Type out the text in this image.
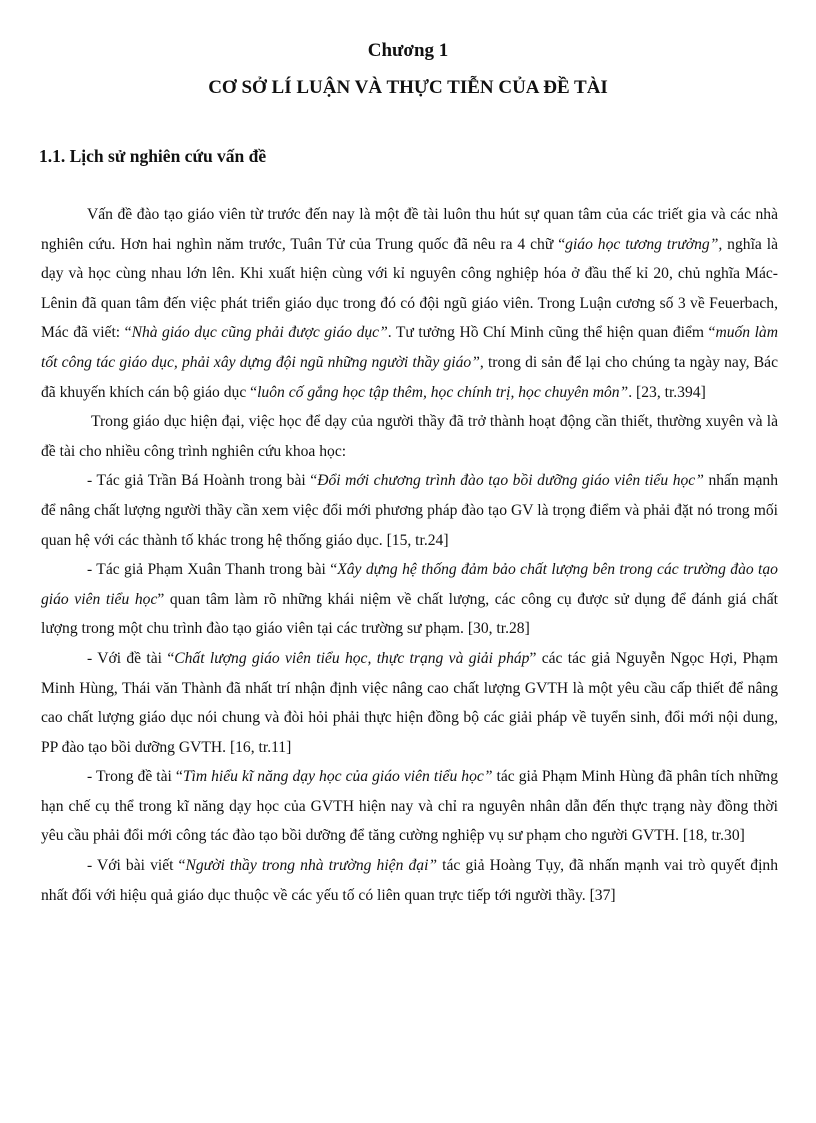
Chương 1
CƠ SỞ LÍ LUẬN VÀ THỰC TIỄN CỦA ĐỀ TÀI
1.1. Lịch sử nghiên cứu vấn đề

Vấn đề đào tạo giáo viên từ trước đến nay là một đề tài luôn thu hút sự quan tâm của các triết gia và các nhà nghiên cứu. Hơn hai nghìn năm trước, Tuân Tử của Trung quốc đã nêu ra 4 chữ “giáo học tương trưởng”, nghĩa là dạy và học cùng nhau lớn lên. Khi xuất hiện cùng với kỉ nguyên công nghiệp hóa ở đầu thế kỉ 20, chủ nghĩa Mác-Lênin đã quan tâm đến việc phát triển giáo dục trong đó có đội ngũ giáo viên. Trong Luận cương số 3 về Feuerbach, Mác đã viết: “Nhà giáo dục cũng phải được giáo dục”. Tư tưởng Hồ Chí Minh cũng thể hiện quan điểm “muốn làm tốt công tác giáo dục, phải xây dựng đội ngũ những người thầy giáo”, trong di sản để lại cho chúng ta ngày nay, Bác đã khuyến khích cán bộ giáo dục “luôn cố gắng học tập thêm, học chính trị, học chuyên môn”. [23, tr.394]

Trong giáo dục hiện đại, việc học để dạy của người thầy đã trở thành hoạt động cần thiết, thường xuyên và là đề tài cho nhiều công trình nghiên cứu khoa học:

- Tác giả Trần Bá Hoành trong bài “Đổi mới chương trình đào tạo bồi dưỡng giáo viên tiểu học” nhấn mạnh để nâng chất lượng người thầy cần xem việc đổi mới phương pháp đào tạo GV là trọng điểm và phải đặt nó trong mối quan hệ với các thành tố khác trong hệ thống giáo dục. [15, tr.24]

- Tác giả Phạm Xuân Thanh trong bài “Xây dựng hệ thống đảm bảo chất lượng bên trong các trường đào tạo giáo viên tiểu học” quan tâm làm rõ những khái niệm về chất lượng, các công cụ được sử dụng để đánh giá chất lượng trong một chu trình đào tạo giáo viên tại các trường sư phạm. [30, tr.28]

- Với đề tài “Chất lượng giáo viên tiểu học, thực trạng và giải pháp” các tác giả Nguyễn Ngọc Hợi, Phạm Minh Hùng, Thái văn Thành đã nhất trí nhận định việc nâng cao chất lượng GVTH là một yêu cầu cấp thiết để nâng cao chất lượng giáo dục nói chung và đòi hỏi phải thực hiện đồng bộ các giải pháp về tuyển sinh, đổi mới nội dung, PP đào tạo bồi dưỡng GVTH. [16, tr.11]

- Trong đề tài “Tìm hiểu kĩ năng dạy học của giáo viên tiểu học” tác giả Phạm Minh Hùng đã phân tích những hạn chế cụ thể trong kĩ năng dạy học của GVTH hiện nay và chỉ ra nguyên nhân dẫn đến thực trạng này đồng thời yêu cầu phải đổi mới công tác đào tạo bồi dưỡng để tăng cường nghiệp vụ sư phạm cho người GVTH. [18, tr.30]

- Với bài viết “Người thầy trong nhà trường hiện đại” tác giả Hoàng Tụy, đã nhấn mạnh vai trò quyết định nhất đối với hiệu quả giáo dục thuộc về các yếu tố có liên quan trực tiếp tới người thầy. [37]
